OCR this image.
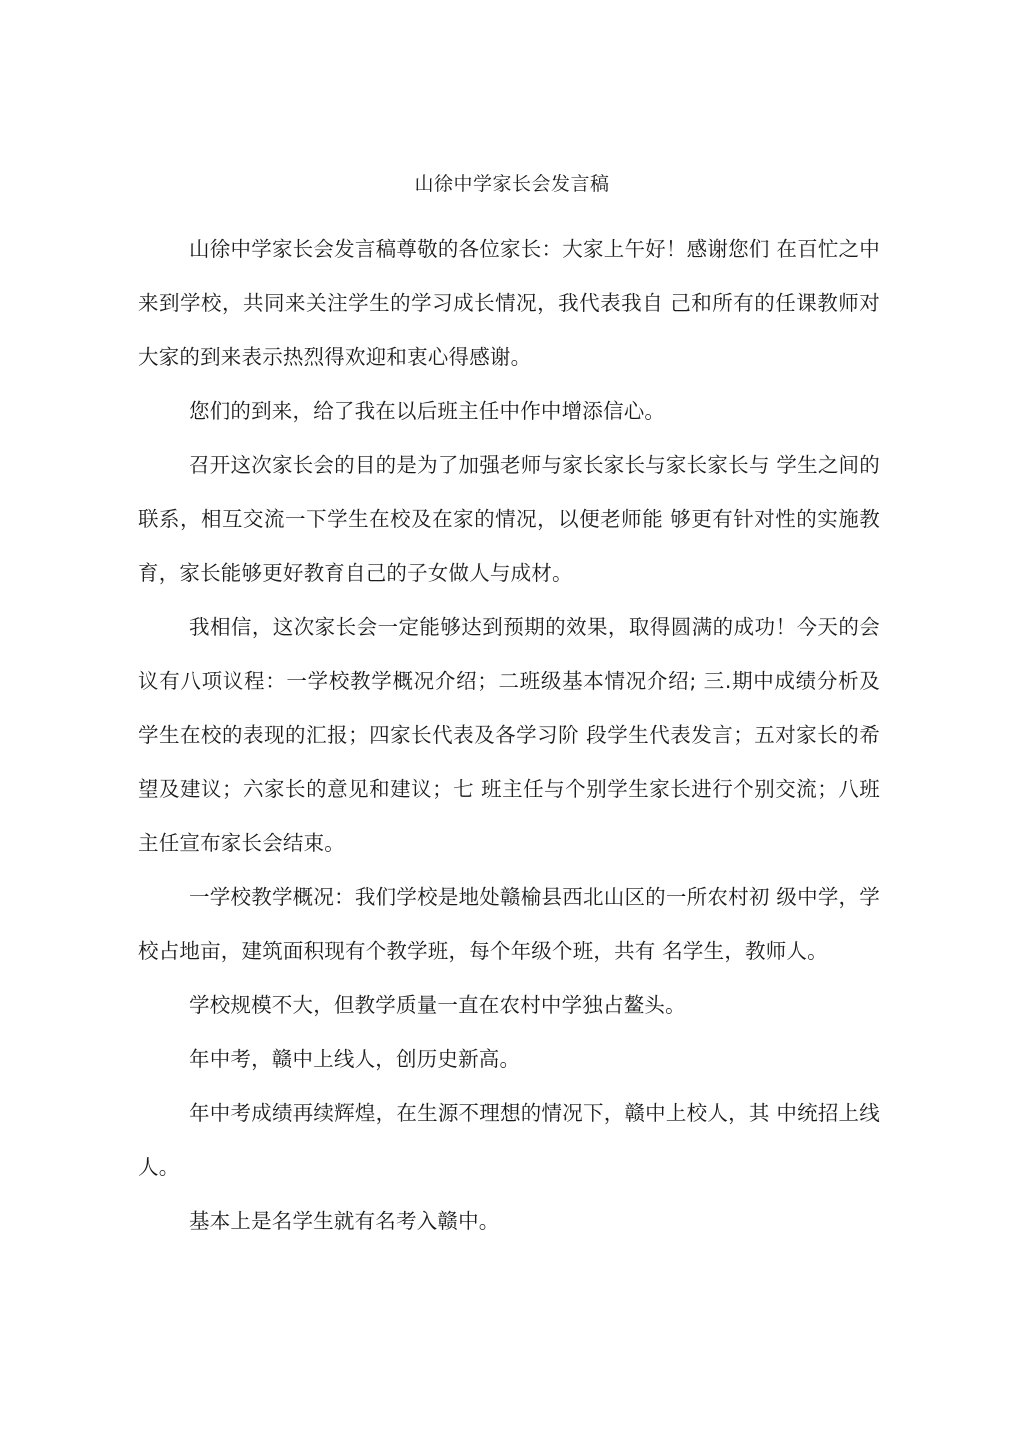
山徐中学家长会发言稿

山徐中学家长会发言稿尊敬的各位家长：大家上午好！感谢您们 在百忙之中来到学校，共同来关注学生的学习成长情况，我代表我自 己和所有的任课教师对大家的到来表示热烈得欢迎和衷心得感谢。

您们的到来，给了我在以后班主任中作中增添信心。

召开这次家长会的目的是为了加强老师与家长家长与家长家长与 学生之间的联系，相互交流一下学生在校及在家的情况，以便老师能 够更有针对性的实施教育，家长能够更好教育自己的子女做人与成材。

我相信，这次家长会一定能够达到预期的效果，取得圆满的成功！今天的会议有八项议程：一学校教学概况介绍；二班级基本情况介绍; 三.期中成绩分析及学生在校的表现的汇报；四家长代表及各学习阶 段学生代表发言；五对家长的希望及建议；六家长的意见和建议；七 班主任与个别学生家长进行个别交流；八班主任宣布家长会结束。

一学校教学概况：我们学校是地处赣榆县西北山区的一所农村初 级中学，学校占地亩，建筑面积现有个教学班，每个年级个班，共有 名学生，教师人。

学校规模不大，但教学质量一直在农村中学独占鳌头。

年中考，赣中上线人，创历史新高。

年中考成绩再续辉煌，在生源不理想的情况下，赣中上校人，其 中统招上线人。

基本上是名学生就有名考入赣中。
